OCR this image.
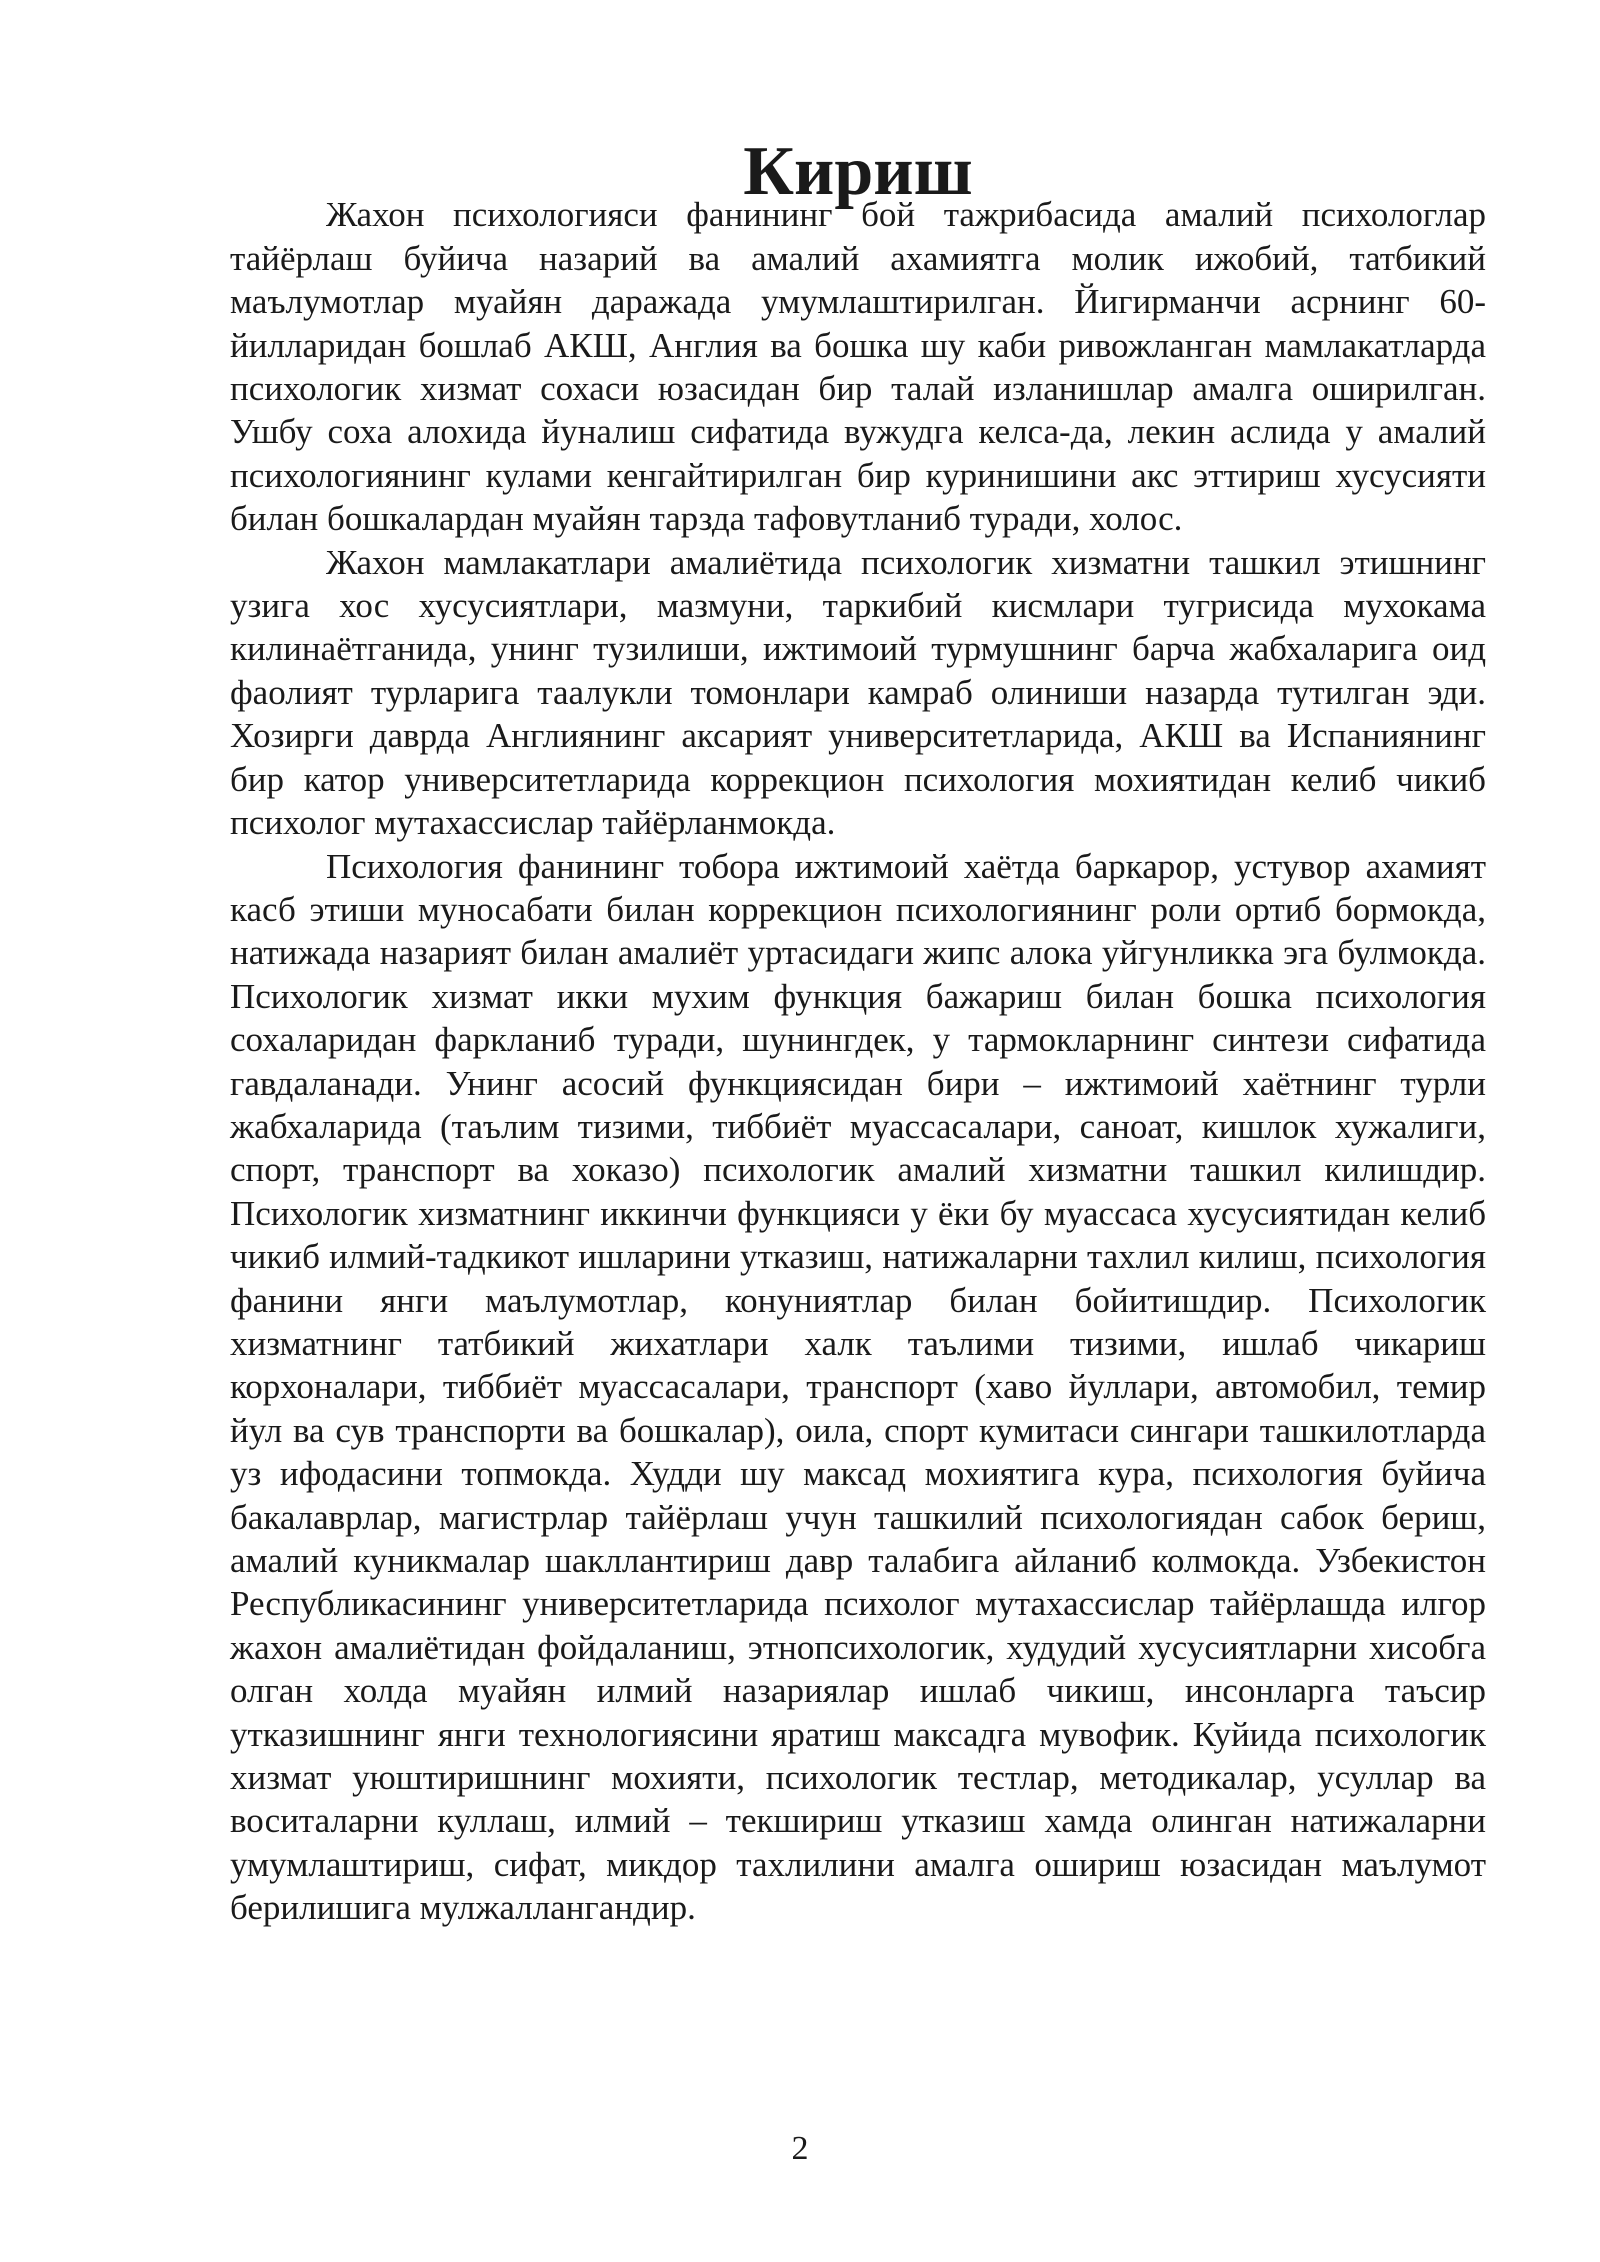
Кириш

Жахон психологияси фанининг бой тажрибасида амалий психологлар тайёрлаш буйича назарий ва амалий ахамиятга молик ижобий, татбикий маълумотлар муайян даражада умумлаштирилган. Йигирманчи асрнинг 60-йилларидан бошлаб АКШ, Англия ва бошка шу каби ривожланган мамлакатларда психологик хизмат сохаси юзасидан бир талай изланишлар амалга оширилган. Ушбу соха алохида йуналиш сифатида вужудга келса-да, лекин аслида у амалий психологиянинг кулами кенгайтирилган бир куринишини акс эттириш хусусияти билан бошкалардан муайян тарзда тафовутланиб туради, холос.

Жахон мамлакатлари амалиётида психологик хизматни ташкил этишнинг узига хос хусусиятлари, мазмуни, таркибий кисмлари тугрисида мухокама килинаётганида, унинг тузилиши, ижтимоий турмушнинг барча жабхаларига оид фаолият турларига таалукли томонлари камраб олиниши назарда тутилган эди. Хозирги даврда Англиянинг аксарият университетларида, АКШ ва Испаниянинг бир катор университетларида коррекцион психология мохиятидан келиб чикиб психолог мутахассислар тайёрланмокда.

Психология фанининг тобора ижтимоий хаётда баркарор, устувор ахамият касб этиши муносабати билан коррекцион психологиянинг роли ортиб бормокда, натижада назарият билан амалиёт уртасидаги жипс алока уйгунликка эга булмокда. Психологик хизмат икки мухим функция бажариш билан бошка психология сохаларидан фаркланиб туради, шунингдек, у тармокларнинг синтези сифатида гавдаланади. Унинг асосий функциясидан бири – ижтимоий хаётнинг турли жабхаларида (таълим тизими, тиббиёт муассасалари, саноат, кишлок хужалиги, спорт, транспорт ва хоказо) психологик амалий хизматни ташкил килишдир. Психологик хизматнинг иккинчи функцияси у ёки бу муассаса хусусиятидан келиб чикиб илмий-тадкикот ишларини утказиш, натижаларни тахлил килиш, психология фанини янги маълумотлар, конуниятлар билан бойитишдир. Психологик хизматнинг татбикий жихатлари халк таълими тизими, ишлаб чикариш корхоналари, тиббиёт муассасалари, транспорт (хаво йуллари, автомобил, темир йул ва сув транспорти ва бошкалар), оила, спорт кумитаси сингари ташкилотларда уз ифодасини топмокда. Худди шу максад мохиятига кура, психология буйича бакалаврлар, магистрлар тайёрлаш учун ташкилий психологиядан сабок бериш, амалий куникмалар шакллантириш давр талабига айланиб колмокда. Узбекистон Республикасининг университетларида психолог мутахассислар тайёрлашда илгор жахон амалиётидан фойдаланиш, этнопсихологик, худудий хусусиятларни хисобга олган холда муайян илмий назариялар ишлаб чикиш, инсонларга таъсир утказишнинг янги технологиясини яратиш максадга мувофик. Куйида психологик хизмат уюштиришнинг мохияти, психологик тестлар, методикалар, усуллар ва воситаларни куллаш, илмий – текшириш утказиш хамда олинган натижаларни умумлаштириш, сифат, микдор тахлилини амалга ошириш юзасидан маълумот берилишига мулжаллангандир.

2
